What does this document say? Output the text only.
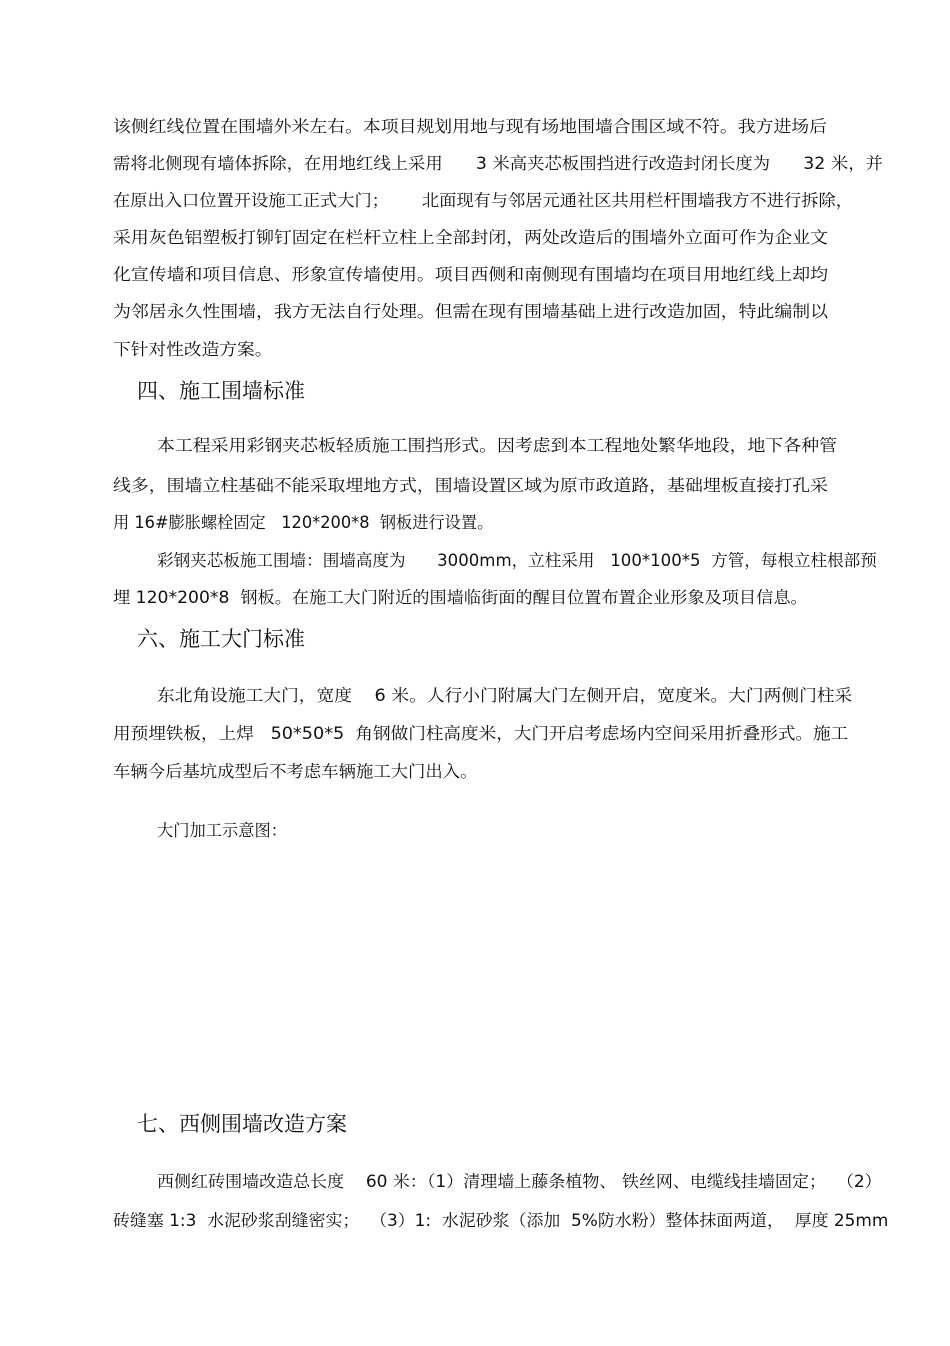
该侧红线位置在围墙外米左右。本项目规划用地与现有场地围墙合围区域不符。我方进场后
需将北侧现有墙体拆除，在用地红线上采用      3 米高夹芯板围挡进行改造封闭长度为      32 米，并
在原出入口位置开设施工正式大门；      北面现有与邻居元通社区共用栏杆围墙我方不进行拆除，
采用灰色铝塑板打铆钉固定在栏杆立柱上全部封闭，两处改造后的围墙外立面可作为企业文
化宣传墙和项目信息、形象宣传墙使用。项目西侧和南侧现有围墙均在项目用地红线上却均
为邻居永久性围墙，我方无法自行处理。但需在现有围墙基础上进行改造加固，特此编制以
下针对性改造方案。
四、施工围墙标准
本工程采用彩钢夹芯板轻质施工围挡形式。因考虑到本工程地处繁华地段，地下各种管
线多，围墙立柱基础不能采取埋地方式，围墙设置区域为原市政道路，基础埋板直接打孔采
用 16#膨胀螺栓固定   120*200*8  钢板进行设置。
彩钢夹芯板施工围墙：围墙高度为      3000mm，立柱采用   100*100*5  方管，每根立柱根部预
埋 120*200*8  钢板。在施工大门附近的围墙临街面的醒目位置布置企业形象及项目信息。
六、施工大门标准
东北角设施工大门，宽度    6 米。人行小门附属大门左侧开启，宽度米。大门两侧门柱采
用预埋铁板，上焊   50*50*5  角钢做门柱高度米，大门开启考虑场内空间采用折叠形式。施工
车辆今后基坑成型后不考虑车辆施工大门出入。
大门加工示意图：
七、西侧围墙改造方案
西侧红砖围墙改造总长度    60 米：（1）清理墙上藤条植物、 铁丝网、电缆线挂墙固定；  （2）
砖缝塞 1:3  水泥砂浆刮缝密实；  （3）1:  水泥砂浆（添加  5%防水粉）整体抹面两道，  厚度 25mm
